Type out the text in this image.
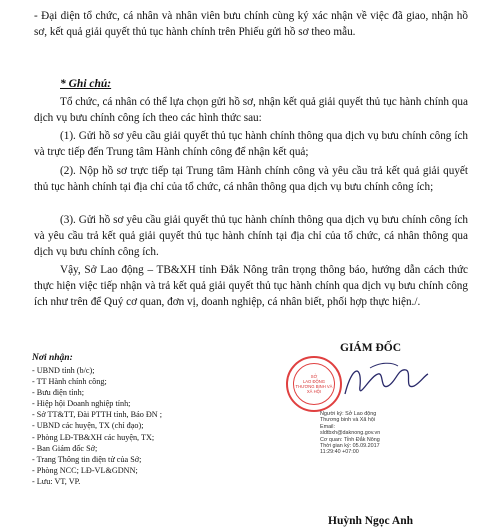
- Đại diện tổ chức, cá nhân và nhân viên bưu chính cùng ký xác nhận về việc đã giao, nhận hồ sơ, kết quả giải quyết thủ tục hành chính trên Phiếu gửi hồ sơ theo mẫu.

* Ghi chú:

Tổ chức, cá nhân có thể lựa chọn gửi hồ sơ, nhận kết quả giải quyết thủ tục hành chính qua dịch vụ bưu chính công ích theo các hình thức sau:

(1). Gửi hồ sơ yêu cầu giải quyết thủ tục hành chính thông qua dịch vụ bưu chính công ích và trực tiếp đến Trung tâm Hành chính công để nhận kết quả;

(2). Nộp hồ sơ trực tiếp tại Trung tâm Hành chính công và yêu cầu trả kết quả giải quyết thủ tục hành chính tại địa chỉ của tổ chức, cá nhân thông qua dịch vụ bưu chính công ích;

(3). Gửi hồ sơ yêu cầu giải quyết thủ tục hành chính thông qua dịch vụ bưu chính công ích và yêu cầu trả kết quả giải quyết thủ tục hành chính tại địa chỉ của tổ chức, cá nhân thông qua dịch vụ bưu chính công ích.

Vậy, Sở Lao động – TB&XH tỉnh Đắk Nông trân trọng thông báo, hướng dẫn cách thức thực hiện việc tiếp nhận và trả kết quả giải quyết thủ tục hành chính qua dịch vụ bưu chính công ích như trên để Quý cơ quan, đơn vị, doanh nghiệp, cá nhân biết, phối hợp thực hiện./.

Nơi nhận:
- UBND tỉnh (b/c);
- TT Hành chính công;
- Bưu điện tỉnh;
- Hiệp hội Doanh nghiệp tỉnh;
- Sở TT&TT, Đài PTTH tỉnh, Báo ĐN ;
- UBND các huyện, TX (chỉ đạo);
- Phòng LĐ-TB&XH các huyện, TX;
- Ban Giám đốc Sở;
- Trang Thông tin điện tử của Sở;
- Phòng NCC; LĐ-VL&GDNN;
- Lưu: VT, VP.
GIÁM ĐỐC
SỞ
LAO ĐỘNG
THƯƠNG BINH VÀ
XÃ HỘI
Người ký: Sở Lao động
Thương binh và Xã hội
Email:
sldtbxh@daknong.gov.vn
Cơ quan: Tỉnh Đắk Nông
Thời gian ký: 05.09.2017
11:29:40 +07:00
Huỳnh Ngọc Anh
